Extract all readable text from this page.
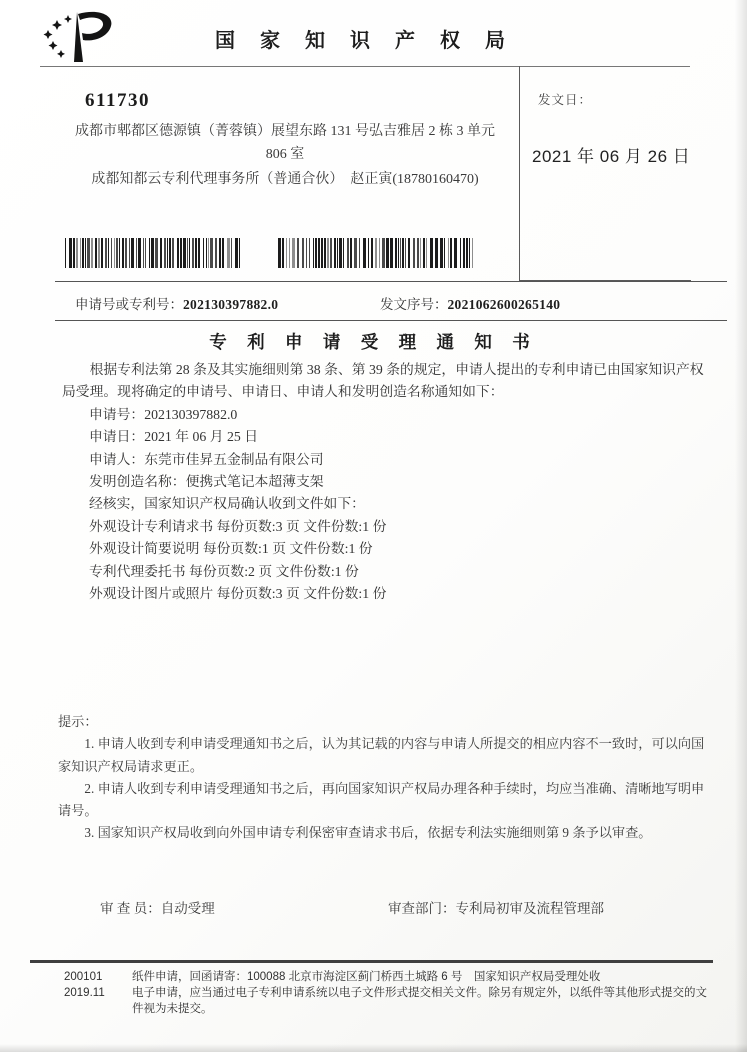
国 家 知 识 产 权 局
发文日：
2021 年 06 月 26 日
611730
成都市郫都区德源镇（菁蓉镇）展望东路 131 号弘吉雅居 2 栋 3 单元
806 室
成都知都云专利代理事务所（普通合伙）　赵正寅(18780160470)
申请号或专利号：202130397882.0	发文序号：2021062600265140
专 利 申 请 受 理 通 知 书

根据专利法第 28 条及其实施细则第 38 条、第 39 条的规定，申请人提出的专利申请已由国家知识产权局受理。现将确定的申请号、申请日、申请人和发明创造名称通知如下：

申请号：202130397882.0
申请日：2021 年 06 月 25 日
申请人：东莞市佳昇五金制品有限公司
发明创造名称：便携式笔记本超薄支架
经核实，国家知识产权局确认收到文件如下：
外观设计专利请求书 每份页数:3 页 文件份数:1 份
外观设计简要说明 每份页数:1 页 文件份数:1 份
专利代理委托书 每份页数:2 页 文件份数:1 份
外观设计图片或照片 每份页数:3 页 文件份数:1 份

提示：

1. 申请人收到专利申请受理通知书之后，认为其记载的内容与申请人所提交的相应内容不一致时，可以向国家知识产权局请求更正。

2. 申请人收到专利申请受理通知书之后，再向国家知识产权局办理各种手续时，均应当准确、清晰地写明申请号。

3. 国家知识产权局收到向外国申请专利保密审查请求书后，依据专利法实施细则第 9 条予以审查。

审 查 员：自动受理	审查部门：专利局初审及流程管理部

200101

2019.11

纸件申请，回函请寄：100088 北京市海淀区蓟门桥西土城路 6 号　国家知识产权局受理处收

电子申请，应当通过电子专利申请系统以电子文件形式提交相关文件。除另有规定外，以纸件等其他形式提交的文件视为未提交。
